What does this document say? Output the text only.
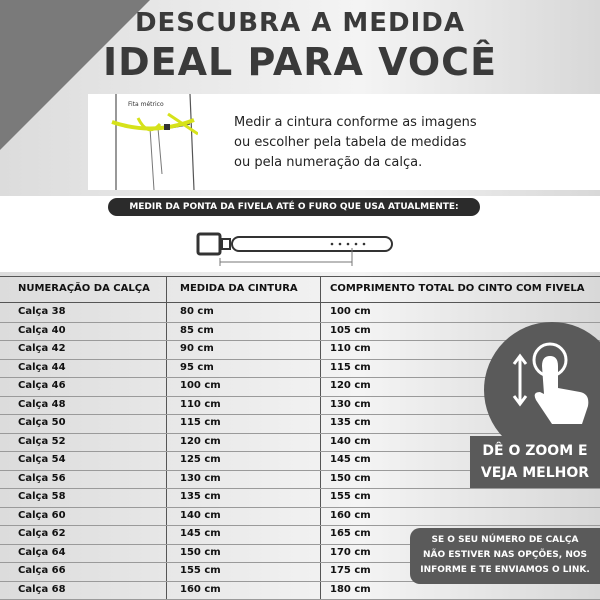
DESCUBRA A MEDIDA
IDEAL PARA VOCÊ
Fita métrico
Medir a cintura conforme as imagens
ou escolher pela tabela de medidas
ou pela numeração da calça.
MEDIR DA PONTA DA FIVELA ATÉ O FURO QUE USA ATUALMENTE:
NUMERAÇÃO DA CALÇA	MEDIDA DA CINTURA	COMPRIMENTO TOTAL DO CINTO COM FIVELA
Calça 38	80 cm	100 cm
Calça 40	85 cm	105 cm
Calça 42	90 cm	110 cm
Calça 44	95 cm	115 cm
Calça 46	100 cm	120 cm
Calça 48	110 cm	130 cm
Calça 50	115 cm	135 cm
Calça 52	120 cm	140 cm
Calça 54	125 cm	145 cm
Calça 56	130 cm	150 cm
Calça 58	135 cm	155 cm
Calça 60	140 cm	160 cm
Calça 62	145 cm	165 cm
Calça 64	150 cm	170 cm
Calça 66	155 cm	175 cm
Calça 68	160 cm	180 cm
DÊ O ZOOM E
VEJA MELHOR
SE O SEU NÚMERO DE CALÇA
NÃO ESTIVER NAS OPÇÕES, NOS
INFORME E TE ENVIAMOS O LINK.
